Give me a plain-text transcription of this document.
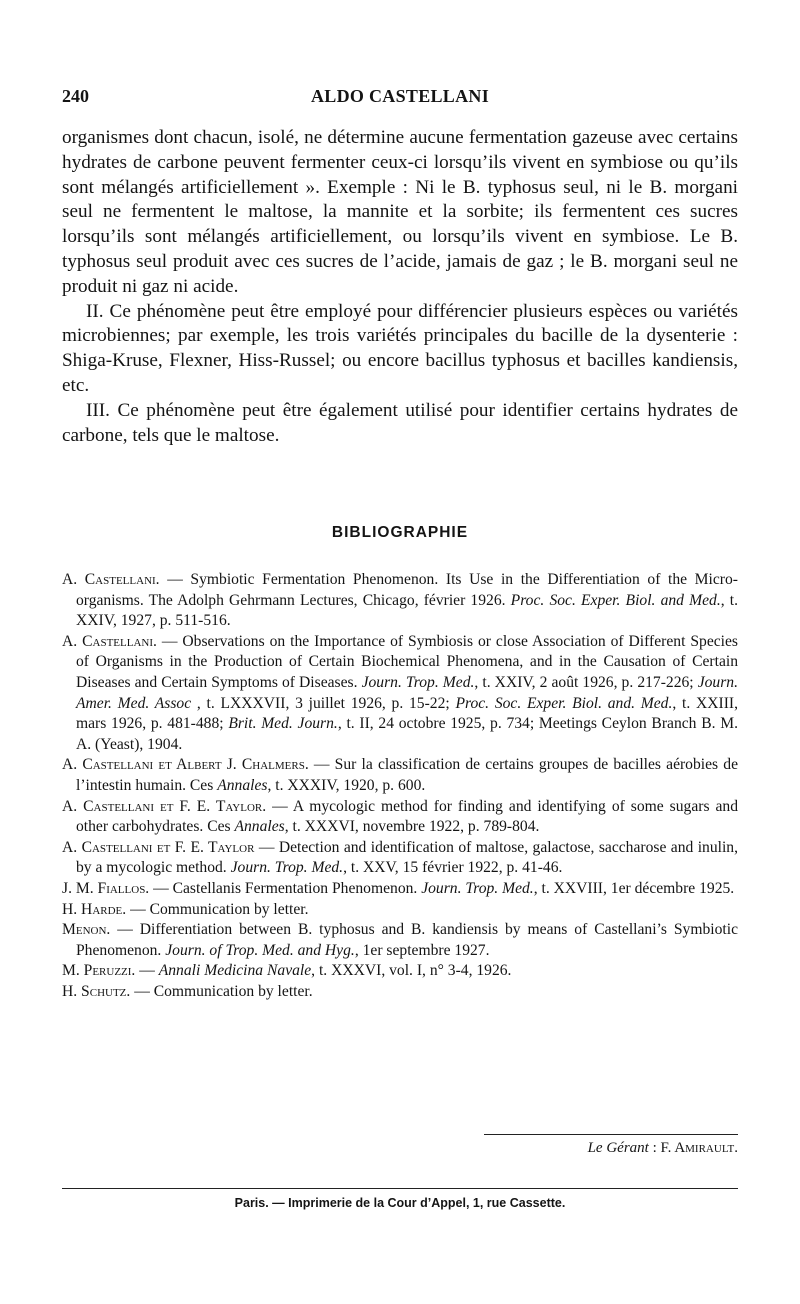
240	ALDO CASTELLANI

organismes dont chacun, isolé, ne détermine aucune fermentation gazeuse avec certains hydrates de carbone peuvent fermenter ceux-ci lorsqu’ils vivent en symbiose ou qu’ils sont mélangés artificiellement ». Exemple : Ni le B. typhosus seul, ni le B. morgani seul ne fermentent le maltose, la mannite et la sorbite; ils fermentent ces sucres lorsqu’ils sont mélangés artificiellement, ou lorsqu’ils vivent en symbiose. Le B. typhosus seul produit avec ces sucres de l’acide, jamais de gaz ; le B. morgani seul ne produit ni gaz ni acide.

II. Ce phénomène peut être employé pour différencier plusieurs espèces ou variétés microbiennes; par exemple, les trois variétés principales du bacille de la dysenterie : Shiga-Kruse, Flexner, Hiss-Russel; ou encore bacillus typhosus et bacilles kandiensis, etc.

III. Ce phénomène peut être également utilisé pour identifier certains hydrates de carbone, tels que le maltose.

BIBLIOGRAPHIE

A. Castellani. — Symbiotic Fermentation Phenomenon. Its Use in the Differentiation of the Micro-organisms. The Adolph Gehrmann Lectures, Chicago, février 1926. Proc. Soc. Exper. Biol. and Med., t. XXIV, 1927, p. 511-516.

A. Castellani. — Observations on the Importance of Symbiosis or close Association of Different Species of Organisms in the Production of Certain Biochemical Phenomena, and in the Causation of Certain Diseases and Certain Symptoms of Diseases. Journ. Trop. Med., t. XXIV, 2 août 1926, p. 217-226; Journ. Amer. Med. Assoc , t. LXXXVII, 3 juillet 1926, p. 15-22; Proc. Soc. Exper. Biol. and. Med., t. XXIII, mars 1926, p. 481-488; Brit. Med. Journ., t. II, 24 octobre 1925, p. 734; Meetings Ceylon Branch B. M. A. (Yeast), 1904.

A. Castellani et Albert J. Chalmers. — Sur la classification de certains groupes de bacilles aérobies de l’intestin humain. Ces Annales, t. XXXIV, 1920, p. 600.

A. Castellani et F. E. Taylor. — A mycologic method for finding and identifying of some sugars and other carbohydrates. Ces Annales, t. XXXVI, novembre 1922, p. 789-804.

A. Castellani et F. E. Taylor — Detection and identification of maltose, galactose, saccharose and inulin, by a mycologic method. Journ. Trop. Med., t. XXV, 15 février 1922, p. 41-46.

J. M. Fiallos. — Castellanis Fermentation Phenomenon. Journ. Trop. Med., t. XXVIII, 1er décembre 1925.

H. Harde. — Communication by letter.

Menon. — Differentiation between B. typhosus and B. kandiensis by means of Castellani’s Symbiotic Phenomenon. Journ. of Trop. Med. and Hyg., 1er septembre 1927.

M. Peruzzi. — Annali Medicina Navale, t. XXXVI, vol. I, n° 3-4, 1926.

H. Schutz. — Communication by letter.

Le Gérant : F. Amirault.
Paris. — Imprimerie de la Cour d’Appel, 1, rue Cassette.
